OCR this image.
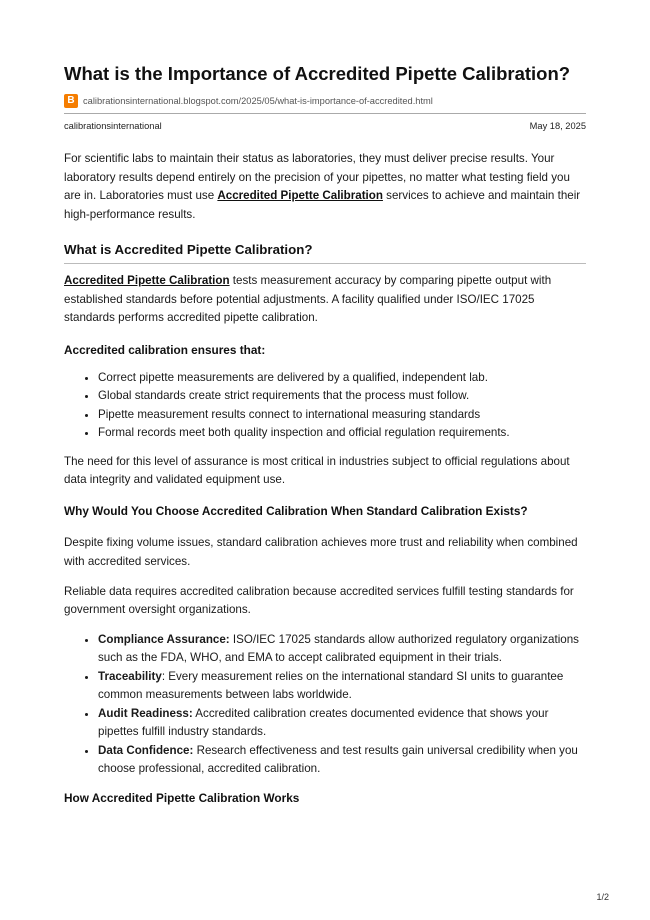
What is the Importance of Accredited Pipette Calibration?
B calibrationsinternational.blogspot.com/2025/05/what-is-importance-of-accredited.html
calibrationsinternational	May 18, 2025

For scientific labs to maintain their status as laboratories, they must deliver precise results. Your laboratory results depend entirely on the precision of your pipettes, no matter what testing field you are in. Laboratories must use Accredited Pipette Calibration services to achieve and maintain their high-performance results.

What is Accredited Pipette Calibration?

Accredited Pipette Calibration tests measurement accuracy by comparing pipette output with established standards before potential adjustments. A facility qualified under ISO/IEC 17025 standards performs accredited pipette calibration.

Accredited calibration ensures that:
• Correct pipette measurements are delivered by a qualified, independent lab.
• Global standards create strict requirements that the process must follow.
• Pipette measurement results connect to international measuring standards
• Formal records meet both quality inspection and official regulation requirements.

The need for this level of assurance is most critical in industries subject to official regulations about data integrity and validated equipment use.

Why Would You Choose Accredited Calibration When Standard Calibration Exists?

Despite fixing volume issues, standard calibration achieves more trust and reliability when combined with accredited services.

Reliable data requires accredited calibration because accredited services fulfill testing standards for government oversight organizations.

• Compliance Assurance: ISO/IEC 17025 standards allow authorized regulatory organizations such as the FDA, WHO, and EMA to accept calibrated equipment in their trials.
• Traceability: Every measurement relies on the international standard SI units to guarantee common measurements between labs worldwide.
• Audit Readiness: Accredited calibration creates documented evidence that shows your pipettes fulfill industry standards.
• Data Confidence: Research effectiveness and test results gain universal credibility when you choose professional, accredited calibration.
How Accredited Pipette Calibration Works
1/2
